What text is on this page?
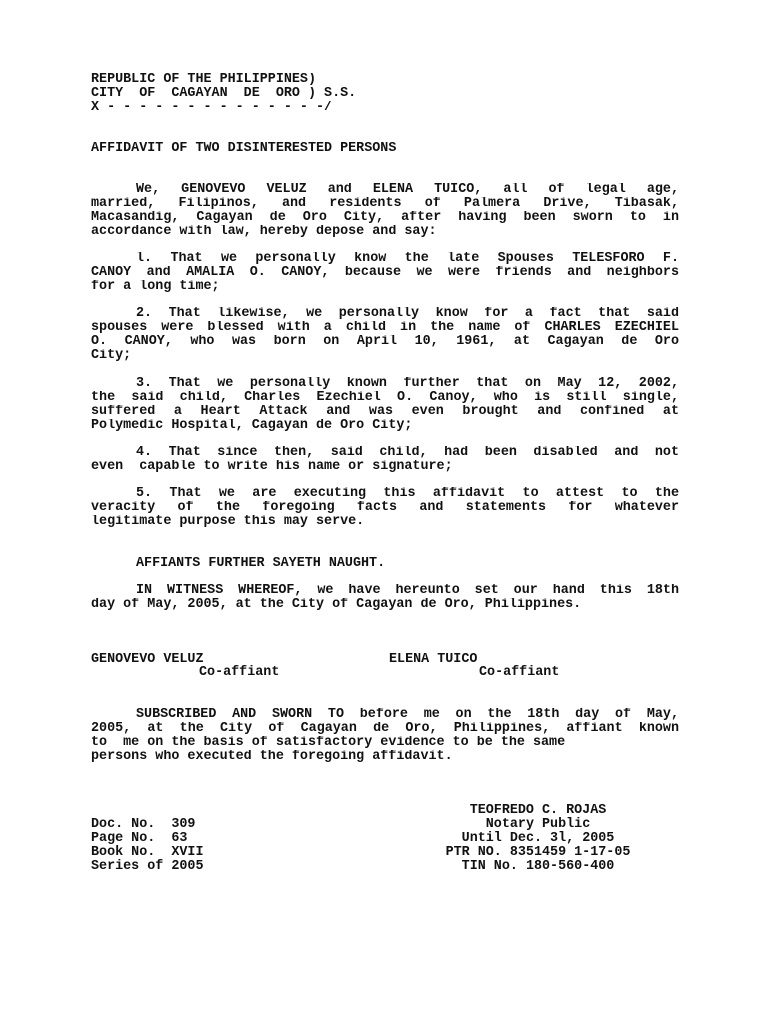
REPUBLIC OF THE PHILIPPINES)
CITY  OF  CAGAYAN  DE  ORO ) S.S.
X - - - - - - - - - - - - - -/
AFFIDAVIT OF TWO DISINTERESTED PERSONS
We, GENOVEVO VELUZ and ELENA TUICO, all of legal age,
married, Filipinos, and residents of Palmera Drive, Tibasak,
Macasandig, Cagayan de Oro City, after having been sworn to in
accordance with law, hereby depose and say:
l. That we personally know the late Spouses TELESFORO F.
CANOY and AMALIA O. CANOY, because we were friends and neighbors
for a long time;
2. That likewise, we personally know for a fact that said
spouses were blessed with a child in the name of CHARLES EZECHIEL
O. CANOY, who was born on April 10, 1961, at Cagayan de Oro
City;
3. That we personally known further that on May 12, 2002,
the said child, Charles Ezechiel O. Canoy, who is still single,
suffered a Heart Attack and was even brought and confined at
Polymedic Hospital, Cagayan de Oro City;
4. That since then, said child, had been disabled and not
even  capable to write his name or signature;
5. That we are executing this affidavit to attest to the
veracity of the foregoing facts and statements for whatever
legitimate purpose this may serve.
AFFIANTS FURTHER SAYETH NAUGHT.
IN WITNESS WHEREOF, we have hereunto set our hand this 18th
day of May, 2005, at the City of Cagayan de Oro, Philippines.
GENOVEVO VELUZ
Co-affiant
ELENA TUICO
Co-affiant
SUBSCRIBED AND SWORN TO before me on the 18th day of May,
2005, at the City of Cagayan de Oro, Philippines, affiant known
to  me on the basis of satisfactory evidence to be the same
persons who executed the foregoing affidavit.
TEOFREDO C. ROJAS
Notary Public
Until Dec. 3l, 2005
PTR NO. 8351459 1-17-05
TIN No. 180-560-400
Doc. No.  309
Page No.  63
Book No.  XVII
Series of 2005
